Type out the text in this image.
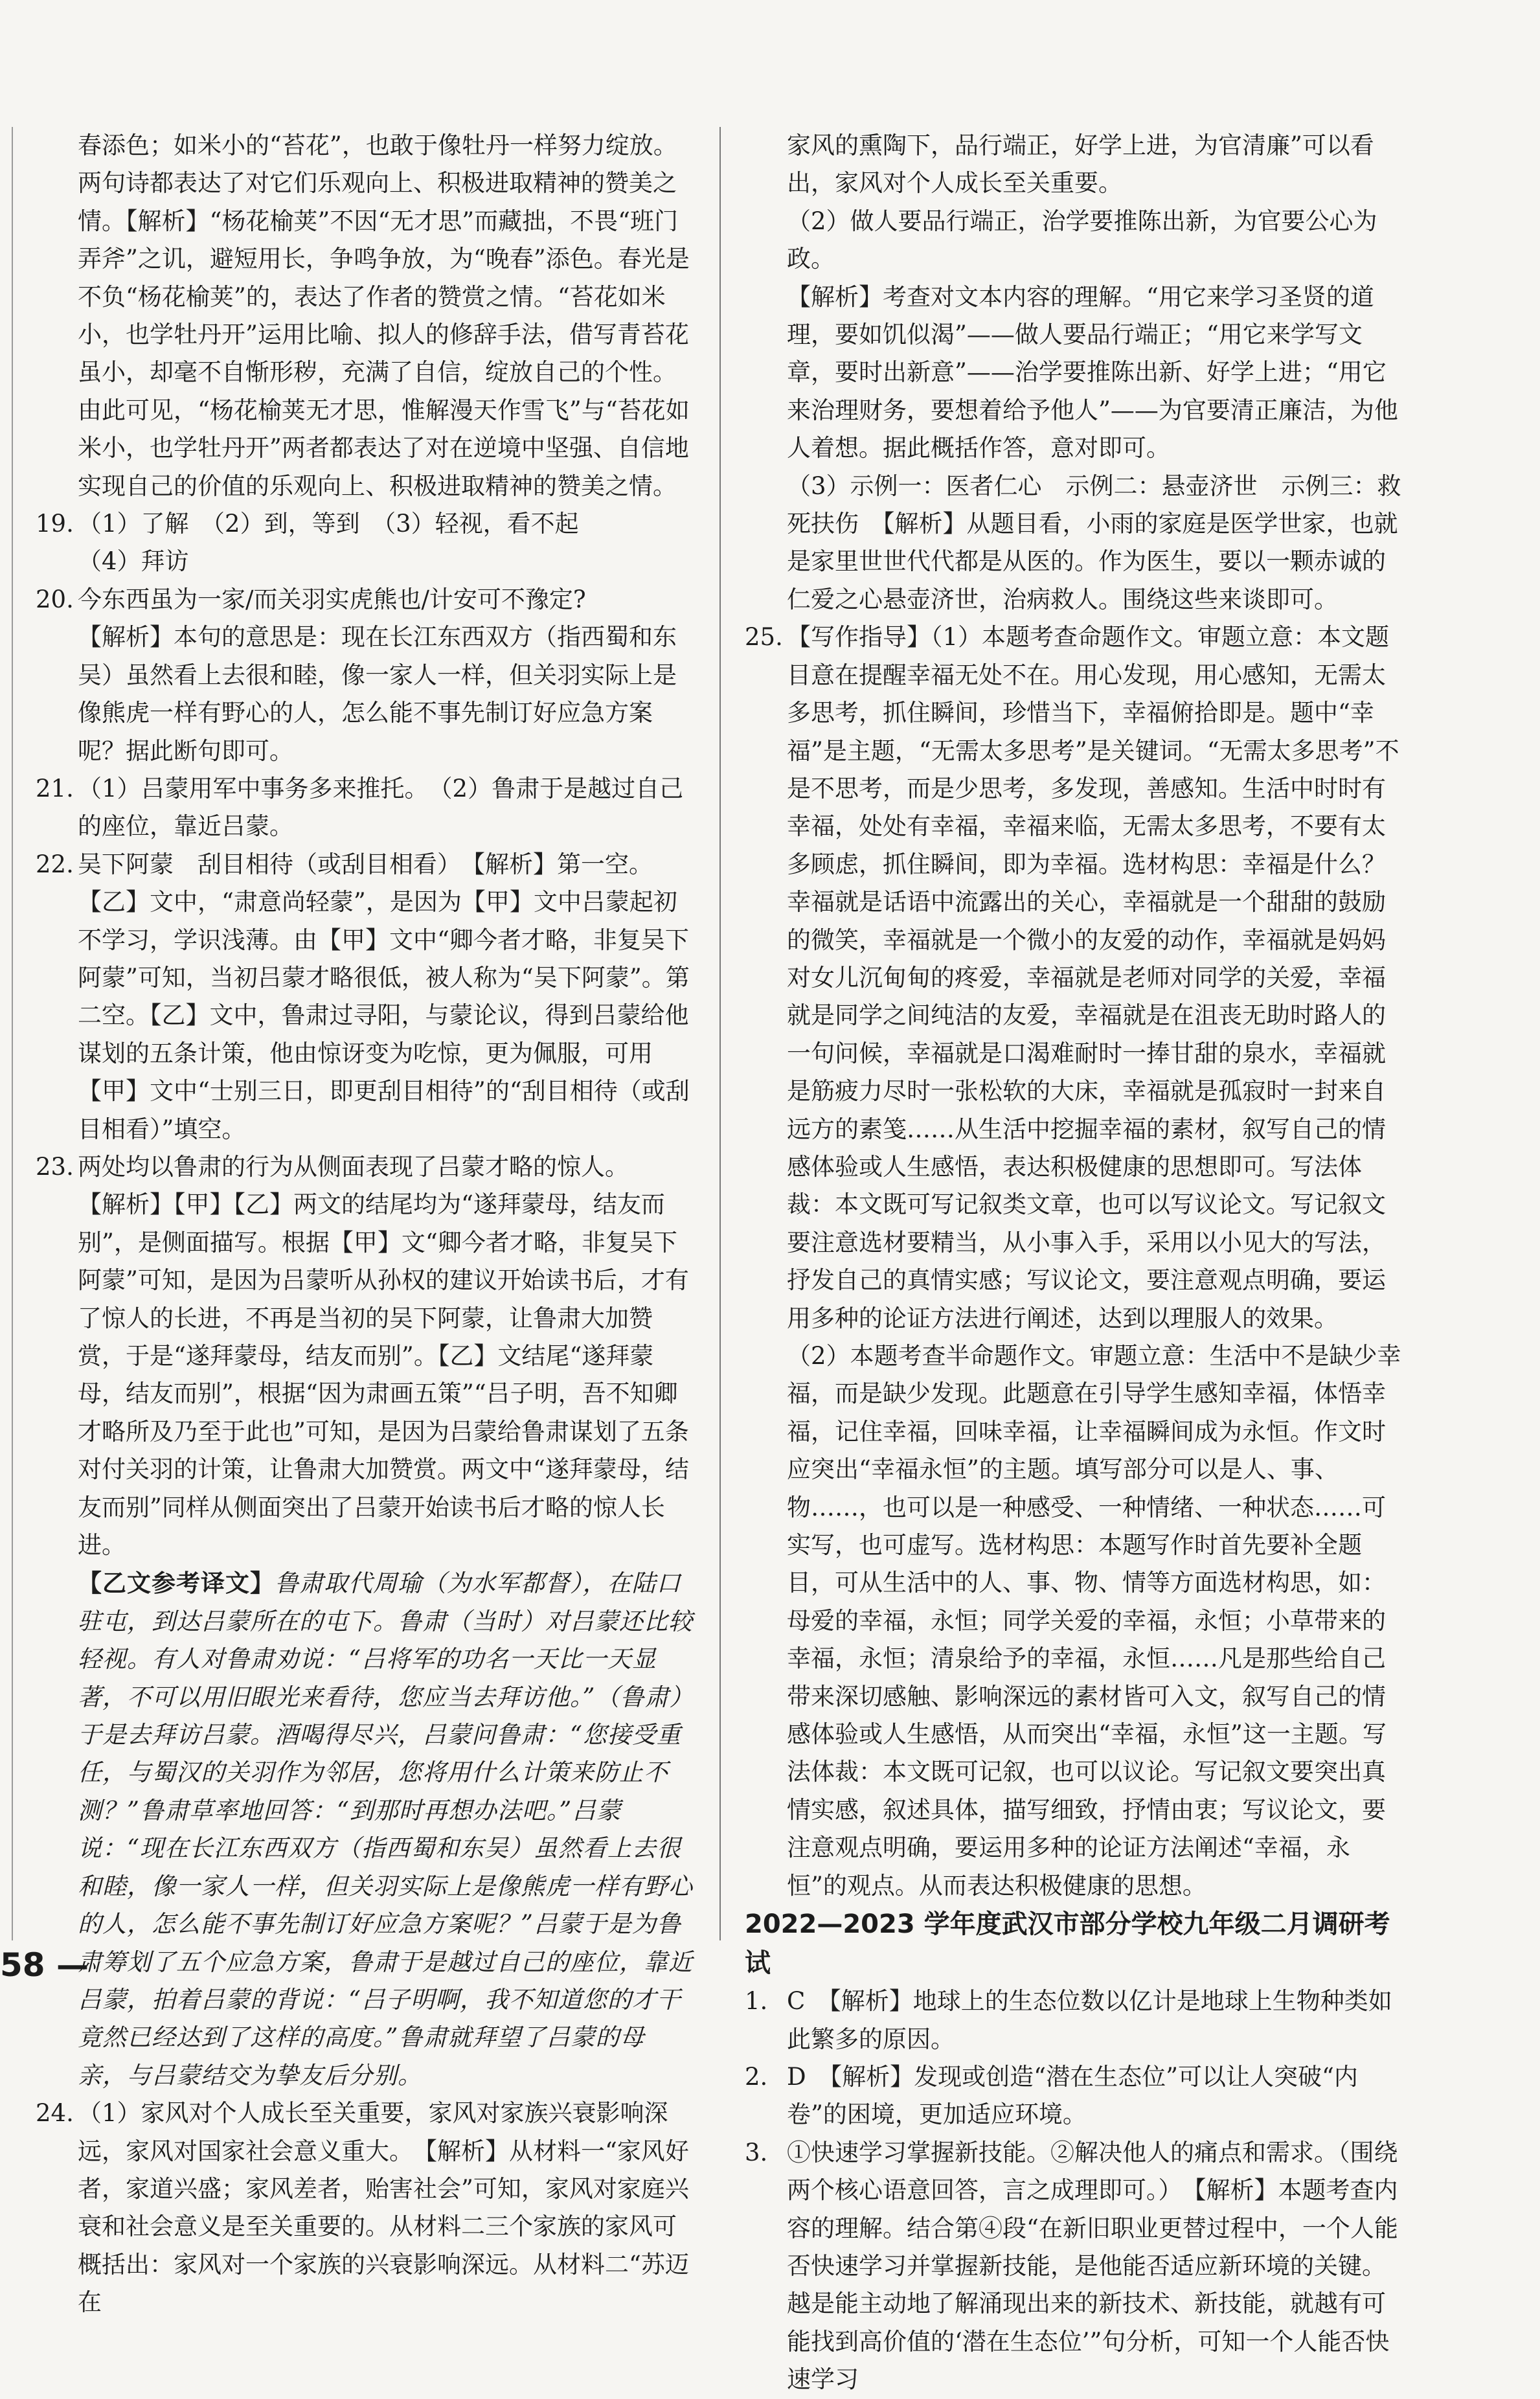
春添色；如米小的“苔花”，也敢于像牡丹一样努力绽放。两句诗都表达了对它们乐观向上、积极进取精神的赞美之情。【解析】“杨花榆荚”不因“无才思”而藏拙，不畏“班门弄斧”之讥，避短用长，争鸣争放，为“晚春”添色。春光是不负“杨花榆荚”的，表达了作者的赞赏之情。“苔花如米小，也学牡丹开”运用比喻、拟人的修辞手法，借写青苔花虽小，却毫不自惭形秽，充满了自信，绽放自己的个性。由此可见，“杨花榆荚无才思，惟解漫天作雪飞”与“苔花如米小，也学牡丹开”两者都表达了对在逆境中坚强、自信地实现自己的价值的乐观向上、积极进取精神的赞美之情。

19. （1）了解　（2）到，等到　（3）轻视，看不起

（4）拜访

20. 今东西虽为一家/而关羽实虎熊也/计安可不豫定?

【解析】本句的意思是：现在长江东西双方（指西蜀和东吴）虽然看上去很和睦，像一家人一样，但关羽实际上是像熊虎一样有野心的人，怎么能不事先制订好应急方案呢？据此断句即可。

21. （1）吕蒙用军中事务多来推托。　（2）鲁肃于是越过自己的座位，靠近吕蒙。

22. 吴下阿蒙　刮目相待（或刮目相看）　【解析】第一空。【乙】文中，“肃意尚轻蒙”，是因为【甲】文中吕蒙起初不学习，学识浅薄。由【甲】文中“卿今者才略，非复吴下阿蒙”可知，当初吕蒙才略很低，被人称为“吴下阿蒙”。第二空。【乙】文中，鲁肃过寻阳，与蒙论议，得到吕蒙给他谋划的五条计策，他由惊讶变为吃惊，更为佩服，可用【甲】文中“士别三日，即更刮目相待”的“刮目相待（或刮目相看）”填空。

23. 两处均以鲁肃的行为从侧面表现了吕蒙才略的惊人。

【解析】【甲】【乙】两文的结尾均为“遂拜蒙母，结友而别”，是侧面描写。根据【甲】文“卿今者才略，非复吴下阿蒙”可知，是因为吕蒙听从孙权的建议开始读书后，才有了惊人的长进，不再是当初的吴下阿蒙，让鲁肃大加赞赏，于是“遂拜蒙母，结友而别”。【乙】文结尾“遂拜蒙母，结友而别”，根据“因为肃画五策”“吕子明，吾不知卿才略所及乃至于此也”可知，是因为吕蒙给鲁肃谋划了五条对付关羽的计策，让鲁肃大加赞赏。两文中“遂拜蒙母，结友而别”同样从侧面突出了吕蒙开始读书后才略的惊人长进。

【乙文参考译文】鲁肃取代周瑜（为水军都督），在陆口驻屯，到达吕蒙所在的屯下。鲁肃（当时）对吕蒙还比较轻视。有人对鲁肃劝说：“吕将军的功名一天比一天显著，不可以用旧眼光来看待，您应当去拜访他。”（鲁肃）于是去拜访吕蒙。酒喝得尽兴，吕蒙问鲁肃：“您接受重任，与蜀汉的关羽作为邻居，您将用什么计策来防止不测？”鲁肃草率地回答：“到那时再想办法吧。”吕蒙说：“现在长江东西双方（指西蜀和东吴）虽然看上去很和睦，像一家人一样，但关羽实际上是像熊虎一样有野心的人，怎么能不事先制订好应急方案呢？”吕蒙于是为鲁肃筹划了五个应急方案，鲁肃于是越过自己的座位，靠近吕蒙，拍着吕蒙的背说：“吕子明啊，我不知道您的才干竟然已经达到了这样的高度。”鲁肃就拜望了吕蒙的母亲，与吕蒙结交为挚友后分别。

24. （1）家风对个人成长至关重要，家风对家族兴衰影响深远，家风对国家社会意义重大。　【解析】从材料一“家风好者，家道兴盛；家风差者，贻害社会”可知，家风对家庭兴衰和社会意义是至关重要的。从材料二三个家族的家风可概括出：家风对一个家族的兴衰影响深远。从材料二“苏迈在

家风的熏陶下，品行端正，好学上进，为官清廉”可以看出，家风对个人成长至关重要。

（2）做人要品行端正，治学要推陈出新，为官要公心为政。

【解析】考查对文本内容的理解。“用它来学习圣贤的道理，要如饥似渴”——做人要品行端正；“用它来学写文章，要时出新意”——治学要推陈出新、好学上进；“用它来治理财务，要想着给予他人”——为官要清正廉洁，为他人着想。据此概括作答，意对即可。

（3）示例一：医者仁心　示例二：悬壶济世　示例三：救死扶伤　【解析】从题目看，小雨的家庭是医学世家，也就是家里世世代代都是从医的。作为医生，要以一颗赤诚的仁爱之心悬壶济世，治病救人。围绕这些来谈即可。

25. 【写作指导】（1）本题考查命题作文。审题立意：本文题目意在提醒幸福无处不在。用心发现，用心感知，无需太多思考，抓住瞬间，珍惜当下，幸福俯拾即是。题中“幸福”是主题，“无需太多思考”是关键词。“无需太多思考”不是不思考，而是少思考，多发现，善感知。生活中时时有幸福，处处有幸福，幸福来临，无需太多思考，不要有太多顾虑，抓住瞬间，即为幸福。选材构思：幸福是什么？幸福就是话语中流露出的关心，幸福就是一个甜甜的鼓励的微笑，幸福就是一个微小的友爱的动作，幸福就是妈妈对女儿沉甸甸的疼爱，幸福就是老师对同学的关爱，幸福就是同学之间纯洁的友爱，幸福就是在沮丧无助时路人的一句问候，幸福就是口渴难耐时一捧甘甜的泉水，幸福就是筋疲力尽时一张松软的大床，幸福就是孤寂时一封来自远方的素笺……从生活中挖掘幸福的素材，叙写自己的情感体验或人生感悟，表达积极健康的思想即可。写法体裁：本文既可写记叙类文章，也可以写议论文。写记叙文要注意选材要精当，从小事入手，采用以小见大的写法，抒发自己的真情实感；写议论文，要注意观点明确，要运用多种的论证方法进行阐述，达到以理服人的效果。

（2）本题考查半命题作文。审题立意：生活中不是缺少幸福，而是缺少发现。此题意在引导学生感知幸福，体悟幸福，记住幸福，回味幸福，让幸福瞬间成为永恒。作文时应突出“幸福永恒”的主题。填写部分可以是人、事、物……，也可以是一种感受、一种情绪、一种状态……可实写，也可虚写。选材构思：本题写作时首先要补全题目，可从生活中的人、事、物、情等方面选材构思，如：母爱的幸福，永恒；同学关爱的幸福，永恒；小草带来的幸福，永恒；清泉给予的幸福，永恒……凡是那些给自己带来深切感触、影响深远的素材皆可入文，叙写自己的情感体验或人生感悟，从而突出“幸福，永恒”这一主题。写法体裁：本文既可记叙，也可以议论。写记叙文要突出真情实感，叙述具体，描写细致，抒情由衷；写议论文，要注意观点明确，要运用多种的论证方法阐述“幸福，永恒”的观点。从而表达积极健康的思想。

2022—2023 学年度武汉市部分学校九年级二月调研考试

1. C　【解析】地球上的生态位数以亿计是地球上生物种类如此繁多的原因。

2. D　【解析】发现或创造“潜在生态位”可以让人突破“内卷”的困境，更加适应环境。

3. ①快速学习掌握新技能。②解决他人的痛点和需求。（围绕两个核心语意回答，言之成理即可。）　【解析】本题考查内容的理解。结合第④段“在新旧职业更替过程中，一个人能否快速学习并掌握新技能，是他能否适应新环境的关键。越是能主动地了解涌现出来的新技术、新技能，就越有可能找到高价值的‘潜在生态位’”句分析，可知一个人能否快速学习

58 —
